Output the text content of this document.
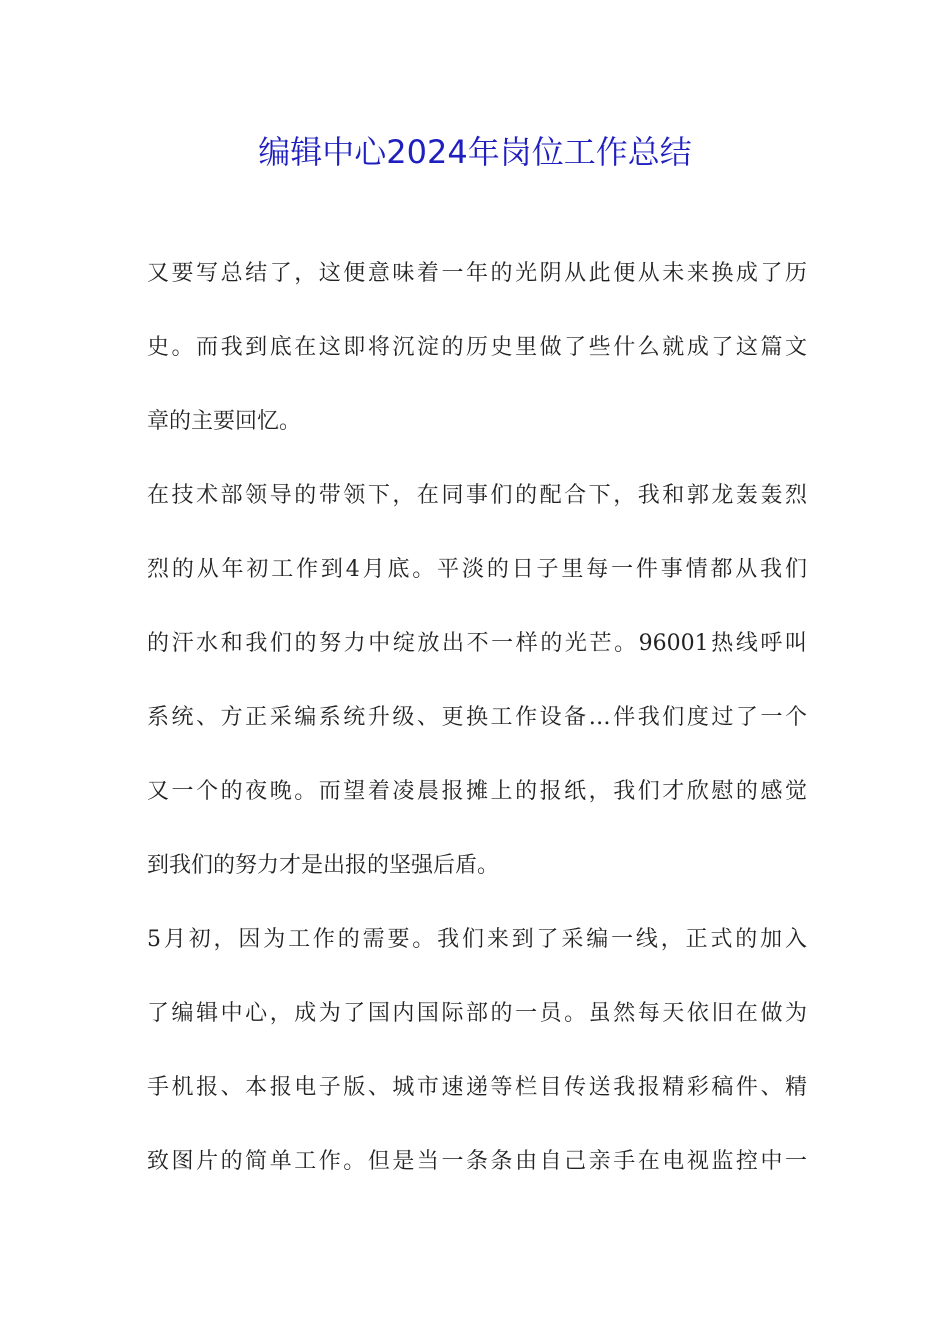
编辑中心2024年岗位工作总结
又要写总结了，这便意味着一年的光阴从此便从未来换成了历
史。而我到底在这即将沉淀的历史里做了些什么就成了这篇文
章的主要回忆。
在技术部领导的带领下，在同事们的配合下，我和郭龙轰轰烈
烈的从年初工作到4月底。平淡的日子里每一件事情都从我们
的汗水和我们的努力中绽放出不一样的光芒。96001热线呼叫
系统、方正采编系统升级、更换工作设备…伴我们度过了一个
又一个的夜晚。而望着凌晨报摊上的报纸，我们才欣慰的感觉
到我们的努力才是出报的坚强后盾。
5月初，因为工作的需要。我们来到了采编一线，正式的加入
了编辑中心，成为了国内国际部的一员。虽然每天依旧在做为
手机报、本报电子版、城市速递等栏目传送我报精彩稿件、精
致图片的简单工作。但是当一条条由自己亲手在电视监控中一
